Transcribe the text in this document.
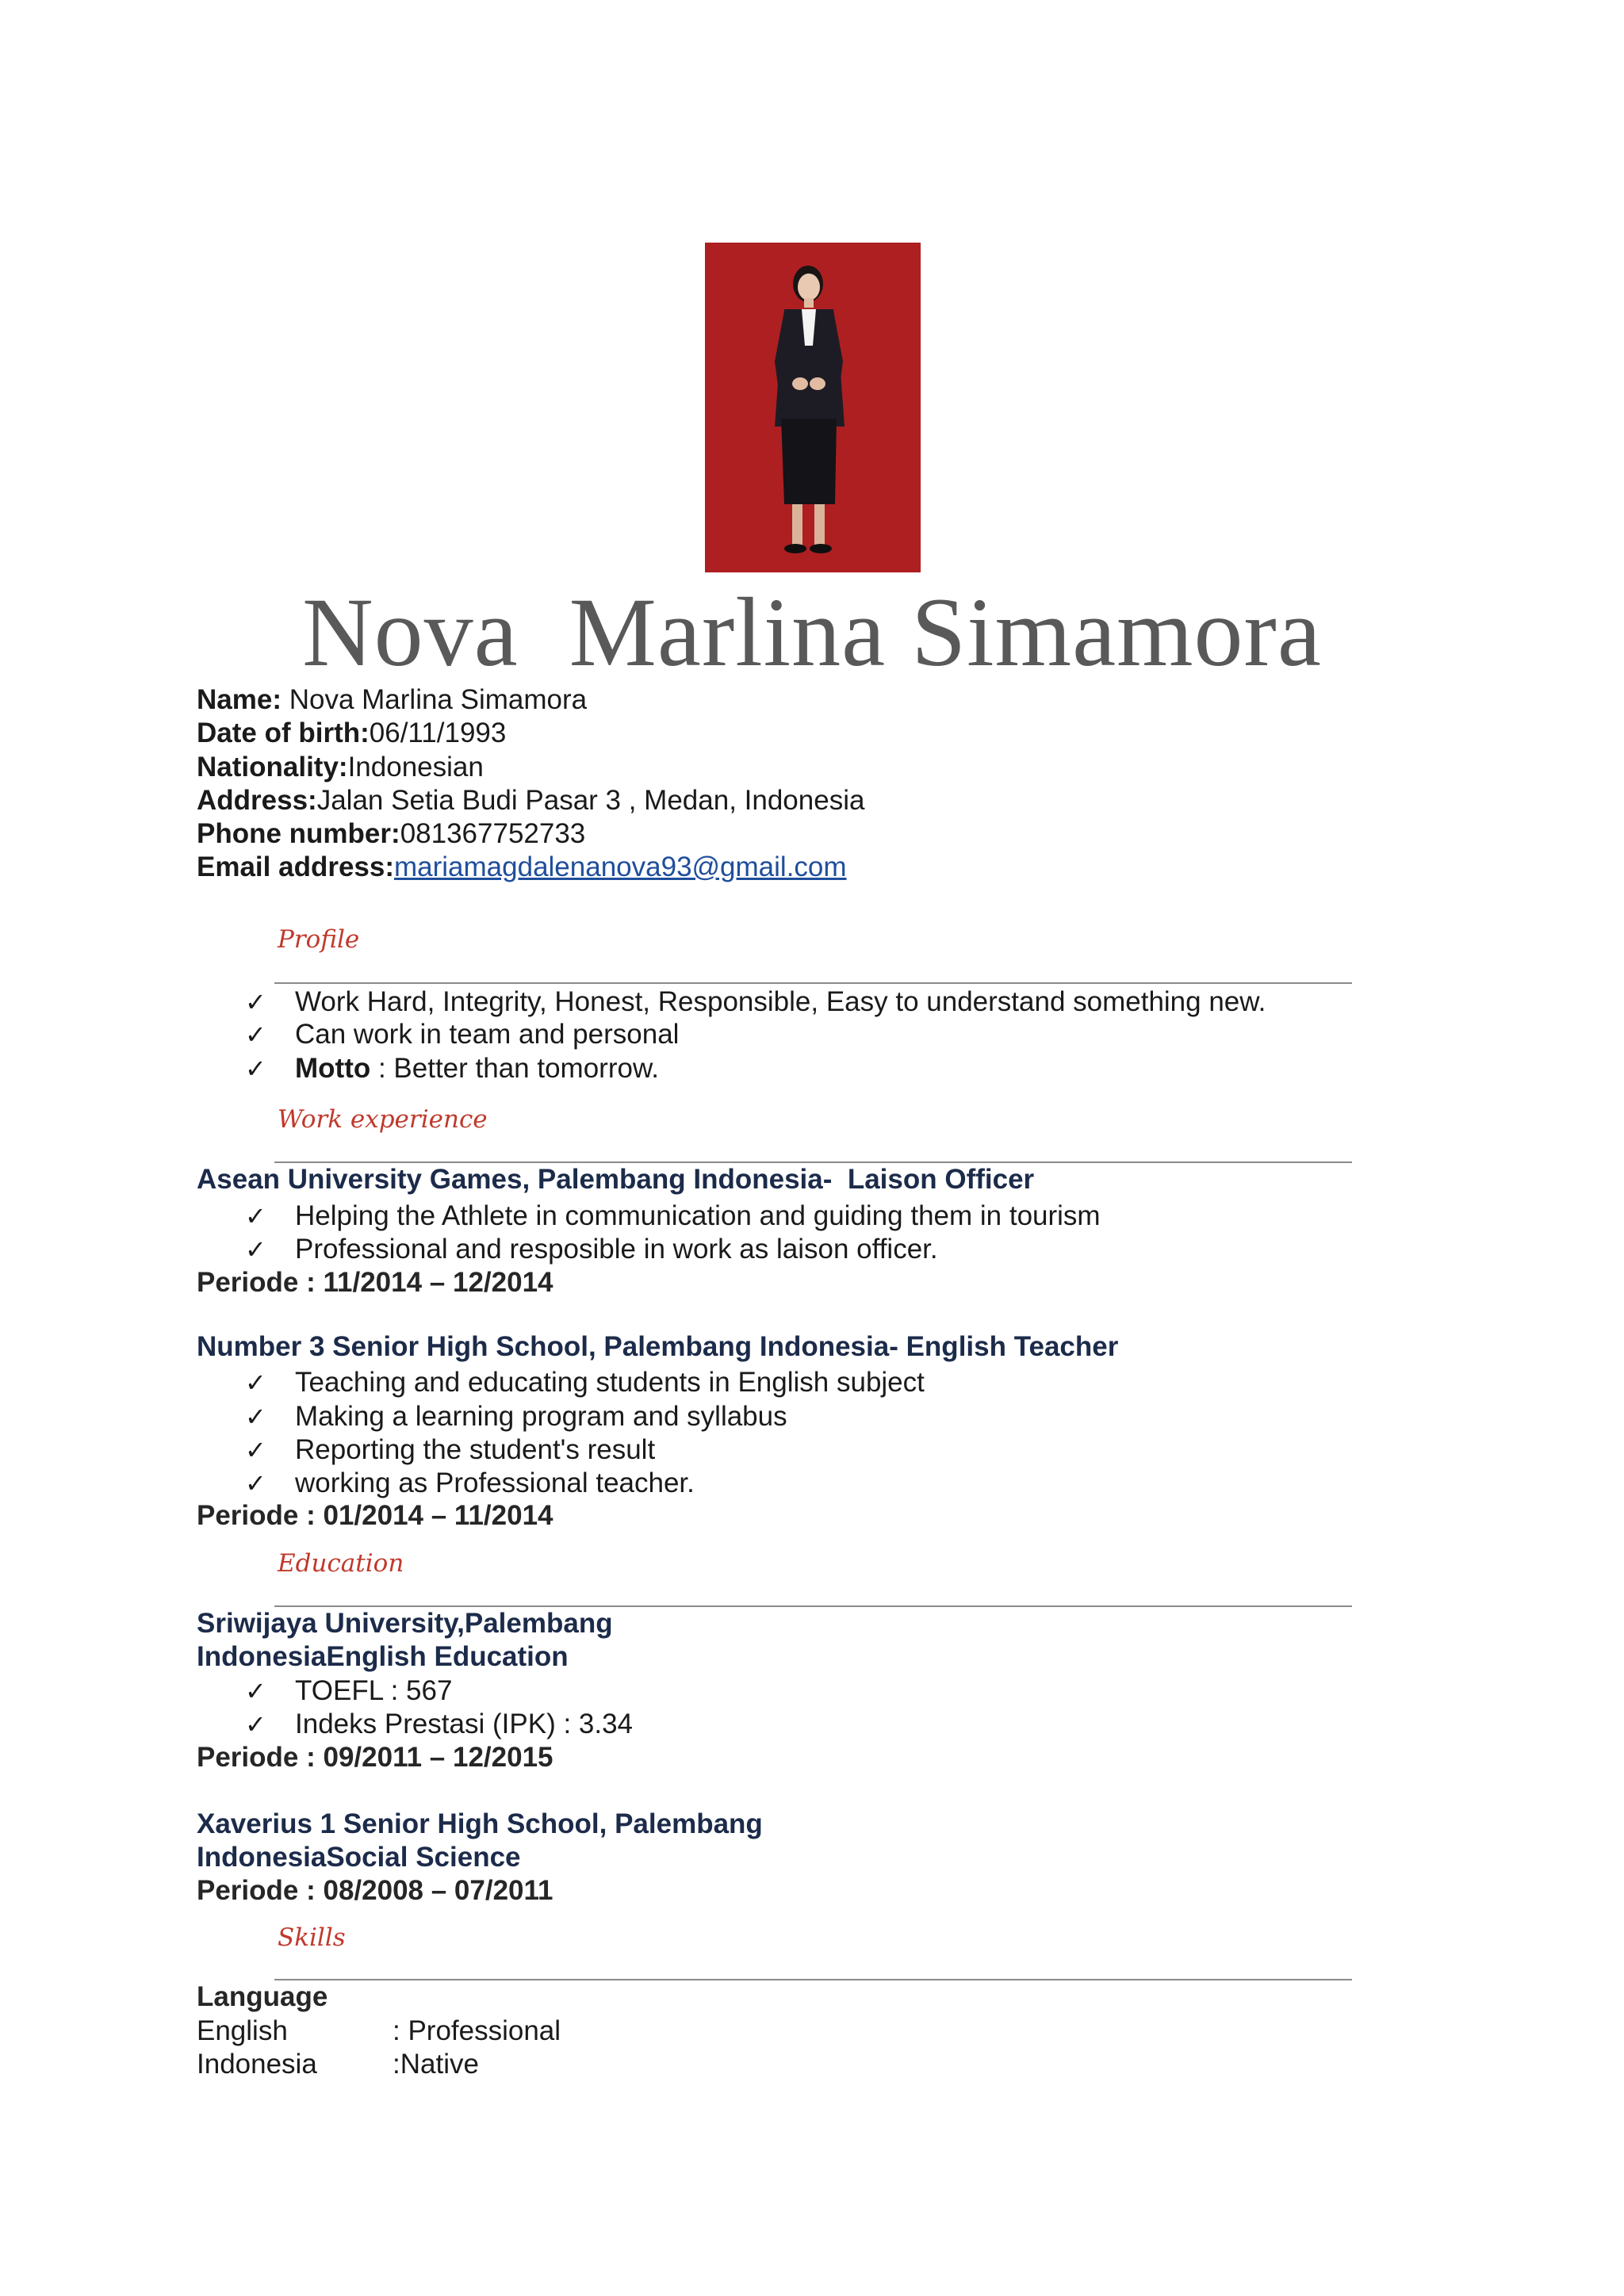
Nova  Marlina Simamora
Name: Nova Marlina Simamora
Date of birth:06/11/1993
Nationality:Indonesian
Address:Jalan Setia Budi Pasar 3 , Medan, Indonesia
Phone number:081367752733
Email address:mariamagdalenanova93@gmail.com
Profile
✓ Work Hard, Integrity, Honest, Responsible, Easy to understand something new.
✓ Can work in team and personal
✓ Motto : Better than tomorrow.
Work experience
Asean University Games, Palembang Indonesia-  Laison Officer
✓ Helping the Athlete in communication and guiding them in tourism
✓ Professional and resposible in work as laison officer.
Periode : 11/2014 – 12/2014
Number 3 Senior High School, Palembang Indonesia- English Teacher
✓ Teaching and educating students in English subject
✓ Making a learning program and syllabus
✓ Reporting the student's result
✓ working as Professional teacher.
Periode : 01/2014 – 11/2014
Education
Sriwijaya University,Palembang
IndonesiaEnglish Education
✓ TOEFL : 567
✓ Indeks Prestasi (IPK) : 3.34
Periode : 09/2011 – 12/2015
Xaverius 1 Senior High School, Palembang
IndonesiaSocial Science
Periode : 08/2008 – 07/2011
Skills
Language
English	: Professional
Indonesia	:Native
